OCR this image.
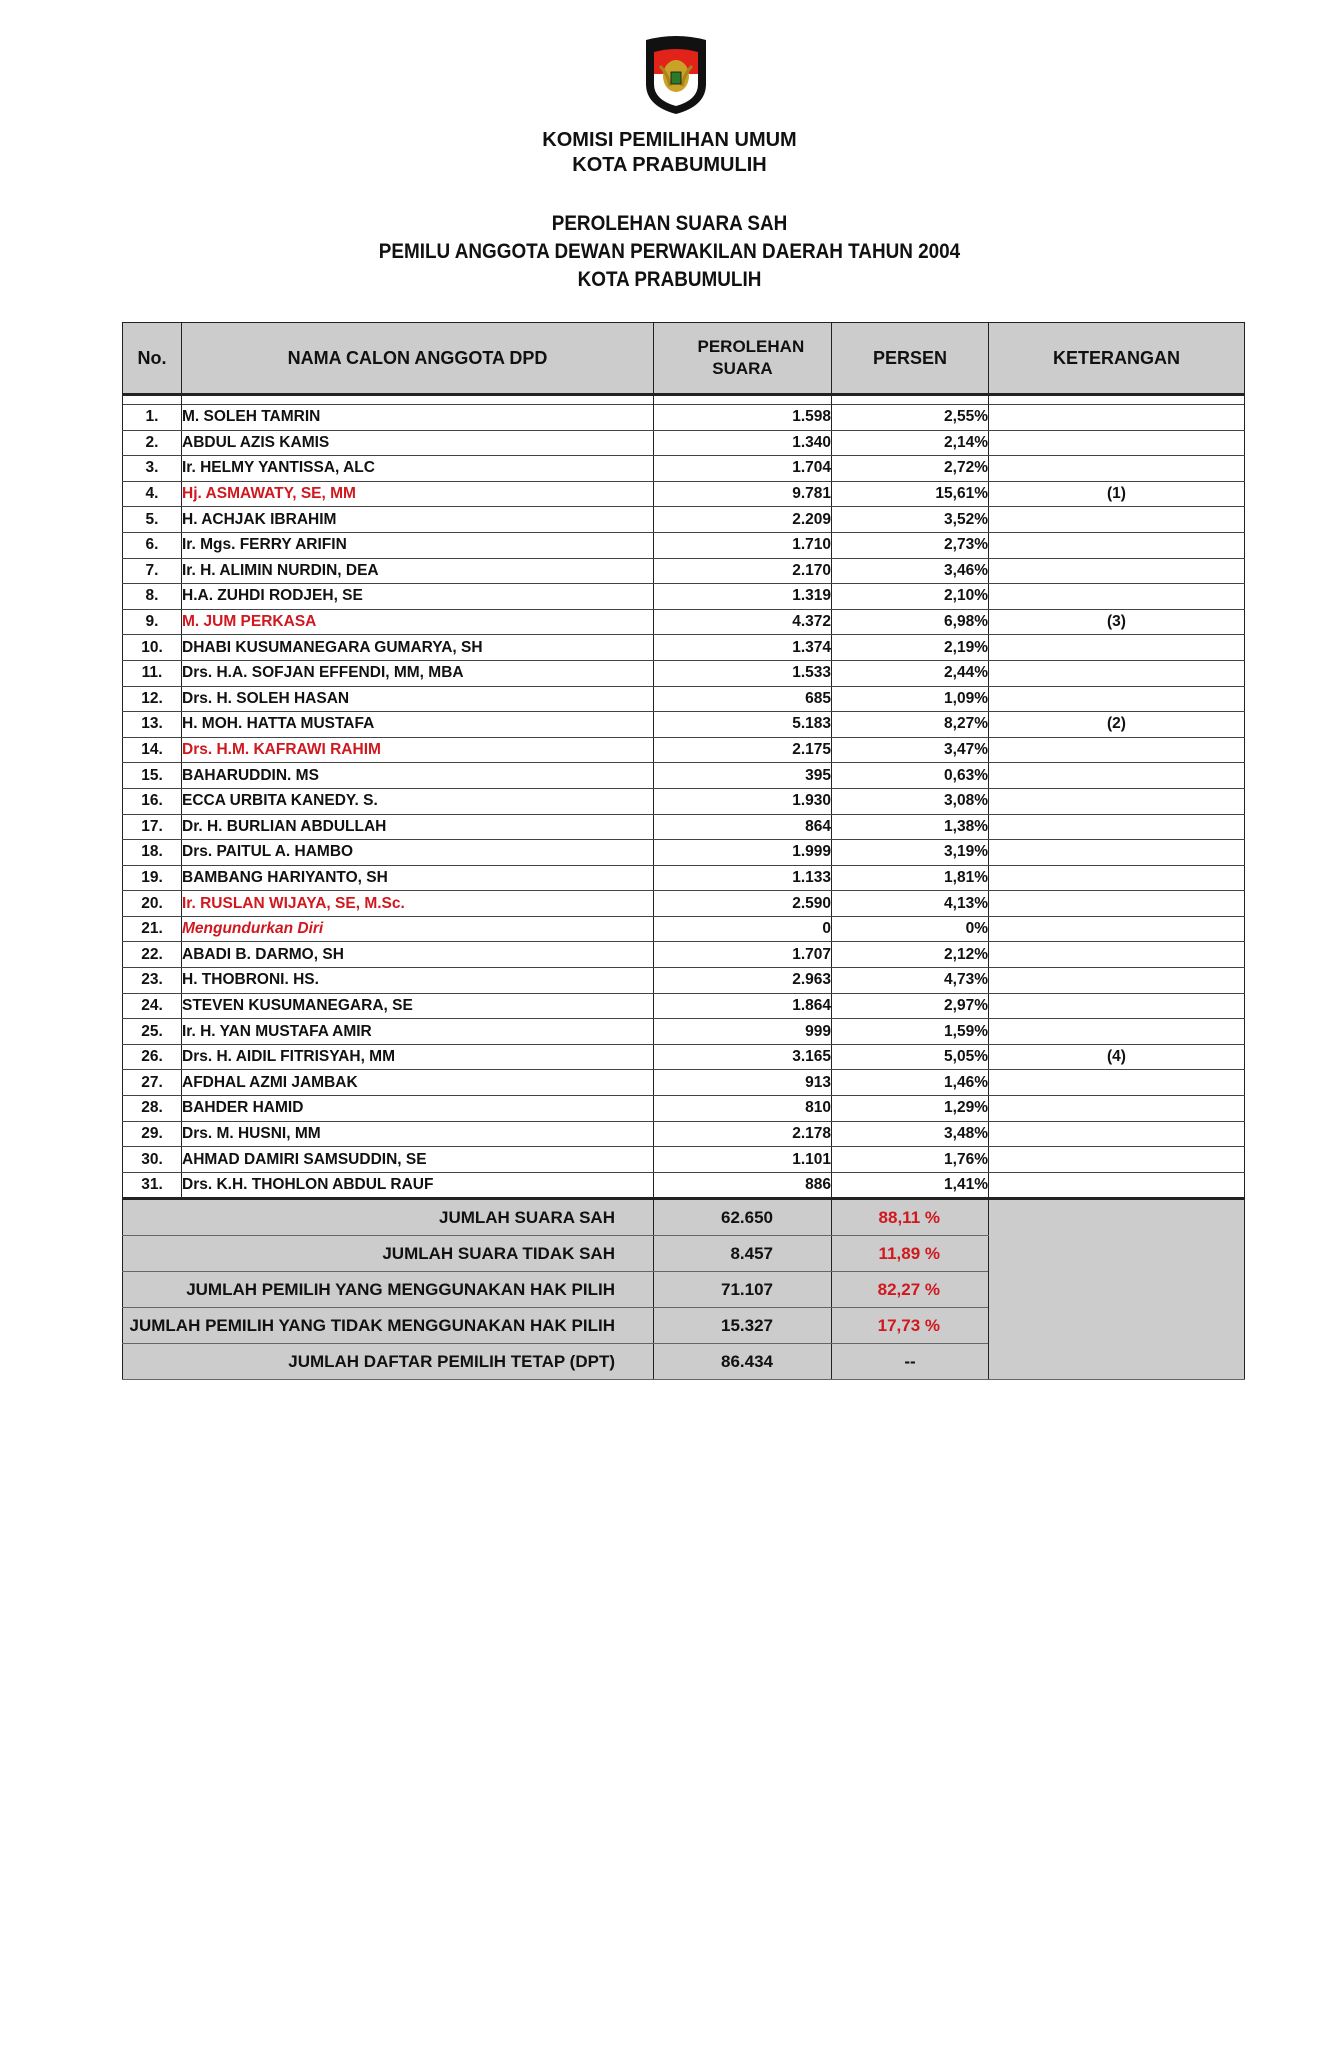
KOMISI PEMILIHAN UMUM
KOTA PRABUMULIH
PEROLEHAN SUARA SAH
PEMILU ANGGOTA DEWAN PERWAKILAN DAERAH TAHUN 2004
KOTA PRABUMULIH
No.	NAMA CALON ANGGOTA DPD	PEROLEHAN SUARA	PERSEN	KETERANGAN

1.	M. SOLEH TAMRIN	1.598	2,55%	
2.	ABDUL AZIS KAMIS	1.340	2,14%	
3.	Ir. HELMY YANTISSA, ALC	1.704	2,72%	
4.	Hj. ASMAWATY, SE, MM	9.781	15,61%	(1)
5.	H. ACHJAK IBRAHIM	2.209	3,52%	
6.	Ir. Mgs. FERRY ARIFIN	1.710	2,73%	
7.	Ir. H. ALIMIN NURDIN, DEA	2.170	3,46%	
8.	H.A. ZUHDI RODJEH, SE	1.319	2,10%	
9.	M. JUM PERKASA	4.372	6,98%	(3)
10.	DHABI KUSUMANEGARA GUMARYA, SH	1.374	2,19%	
11.	Drs. H.A. SOFJAN EFFENDI, MM, MBA	1.533	2,44%	
12.	Drs. H. SOLEH HASAN	685	1,09%	
13.	H. MOH. HATTA MUSTAFA	5.183	8,27%	(2)
14.	Drs. H.M. KAFRAWI RAHIM	2.175	3,47%	
15.	BAHARUDDIN. MS	395	0,63%	
16.	ECCA URBITA KANEDY. S.	1.930	3,08%	
17.	Dr. H. BURLIAN ABDULLAH	864	1,38%	
18.	Drs. PAITUL A. HAMBO	1.999	3,19%	
19.	BAMBANG HARIYANTO, SH	1.133	1,81%	
20.	Ir. RUSLAN WIJAYA, SE, M.Sc.	2.590	4,13%	
21.	Mengundurkan Diri	0	0%	
22.	ABADI B. DARMO, SH	1.707	2,12%	
23.	H. THOBRONI. HS.	2.963	4,73%	
24.	STEVEN KUSUMANEGARA, SE	1.864	2,97%	
25.	Ir. H. YAN MUSTAFA AMIR	999	1,59%	
26.	Drs. H. AIDIL FITRISYAH, MM	3.165	5,05%	(4)
27.	AFDHAL AZMI JAMBAK	913	1,46%	
28.	BAHDER HAMID	810	1,29%	
29.	Drs. M. HUSNI, MM	2.178	3,48%	
30.	AHMAD DAMIRI SAMSUDDIN, SE	1.101	1,76%	
31.	Drs. K.H. THOHLON ABDUL RAUF	886	1,41%	
JUMLAH SUARA SAH		62.650	88,11 %	
JUMLAH SUARA TIDAK SAH		8.457	11,89 %	
JUMLAH PEMILIH YANG MENGGUNAKAN HAK PILIH		71.107	82,27 %	
JUMLAH PEMILIH YANG TIDAK MENGGUNAKAN HAK PILIH		15.327	17,73 %	
JUMLAH DAFTAR PEMILIH TETAP (DPT)		86.434	--	
